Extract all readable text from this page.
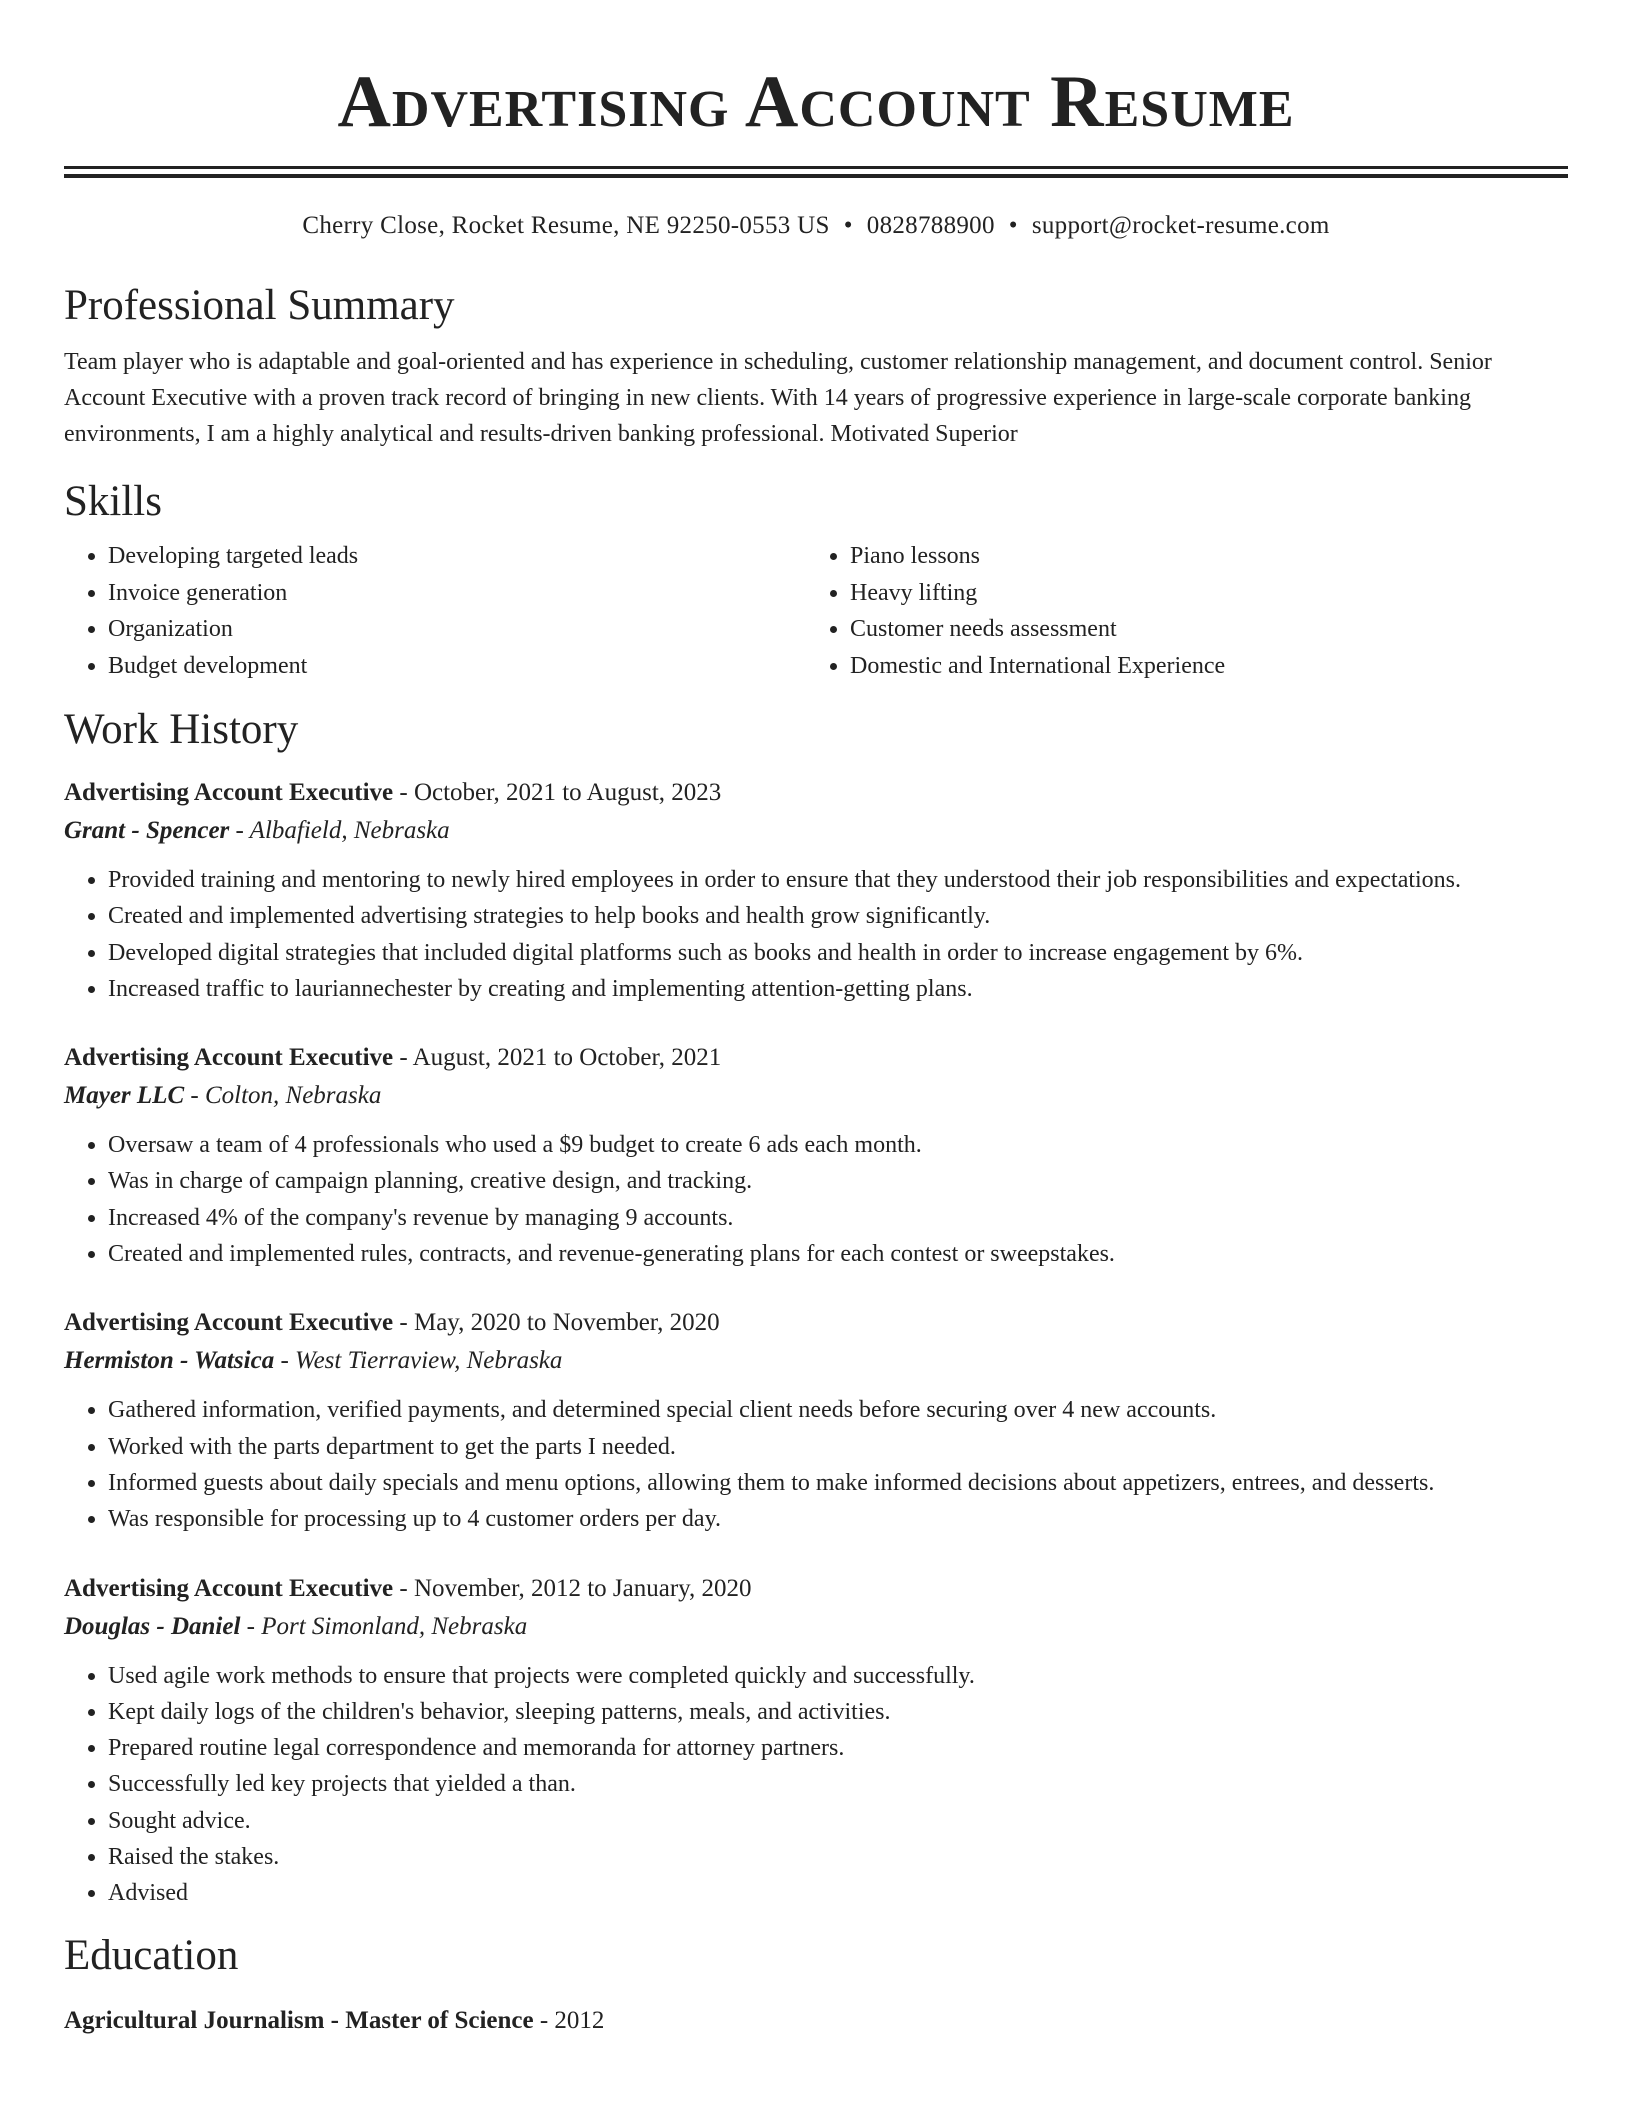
Advertising Account Resume
Cherry Close, Rocket Resume, NE 92250-0553 US • 0828788900 • support@rocket-resume.com
Professional Summary

Team player who is adaptable and goal-oriented and has experience in scheduling, customer relationship management, and document control. Senior Account Executive with a proven track record of bringing in new clients. With 14 years of progressive experience in large-scale corporate banking environments, I am a highly analytical and results-driven banking professional. Motivated Superior

Skills
• Developing targeted leads
• Invoice generation
• Organization
• Budget development
• Piano lessons
• Heavy lifting
• Customer needs assessment
• Domestic and International Experience
Work History
Advertising Account Executive - October, 2021 to August, 2023
Grant - Spencer - Albafield, Nebraska
• Provided training and mentoring to newly hired employees in order to ensure that they understood their job responsibilities and expectations.
• Created and implemented advertising strategies to help books and health grow significantly.
• Developed digital strategies that included digital platforms such as books and health in order to increase engagement by 6%.
• Increased traffic to lauriannechester by creating and implementing attention-getting plans.
Advertising Account Executive - August, 2021 to October, 2021
Mayer LLC - Colton, Nebraska
• Oversaw a team of 4 professionals who used a $9 budget to create 6 ads each month.
• Was in charge of campaign planning, creative design, and tracking.
• Increased 4% of the company's revenue by managing 9 accounts.
• Created and implemented rules, contracts, and revenue-generating plans for each contest or sweepstakes.
Advertising Account Executive - May, 2020 to November, 2020
Hermiston - Watsica - West Tierraview, Nebraska
• Gathered information, verified payments, and determined special client needs before securing over 4 new accounts.
• Worked with the parts department to get the parts I needed.
• Informed guests about daily specials and menu options, allowing them to make informed decisions about appetizers, entrees, and desserts.
• Was responsible for processing up to 4 customer orders per day.
Advertising Account Executive - November, 2012 to January, 2020
Douglas - Daniel - Port Simonland, Nebraska
• Used agile work methods to ensure that projects were completed quickly and successfully.
• Kept daily logs of the children's behavior, sleeping patterns, meals, and activities.
• Prepared routine legal correspondence and memoranda for attorney partners.
• Successfully led key projects that yielded a than.
• Sought advice.
• Raised the stakes.
• Advised
Education
Agricultural Journalism - Master of Science - 2012
